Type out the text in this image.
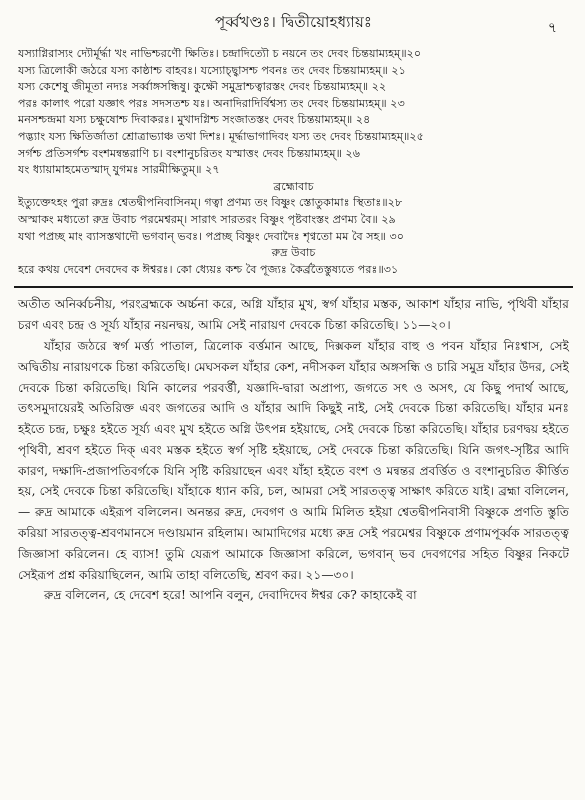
পূর্ব্বখণ্ডঃ। দ্বিতীয়োহধ্যায়ঃ	৭
যস্যাগ্নিরাস্যং দ্যৌর্মূর্দ্ধা খং নাভিশ্চরণৌ ক্ষিতিঃ। চন্দ্রাদিত্যৌ চ নয়নে তং দেবং চিন্তয়াম্যহম্॥২০
যস্য ত্রিলোকী জঠরে যস্য কাষ্ঠাশ্চ বাহবঃ। যস্যোচ্ছ্বাসশ্চ পবনঃ তং দেবং চিন্তয়াম্যহম্॥ ২১
যস্য কেশেষু জীমূতা নদ্যঃ সর্ব্বাঙ্গসন্ধিষু। কুক্ষৌ সমুদ্রাশ্চত্বারস্তং দেবং চিন্তয়াম্যহম্॥ ২২
পরঃ কালাৎ পরো যজ্ঞাৎ পরঃ সদসতশ্চ যঃ। অনাদিরাদির্বিশ্বস্য তং দেবং চিন্তয়াম্যহম্॥ ২৩
মনসশ্চন্দ্রমা যস্য চক্ষুষোশ্চ দিবাকরঃ। মুখাদগ্নিশ্চ সংজাতস্তং দেবং চিন্তয়াম্যহম্॥ ২৪
পদ্ভ্যাং যস্য ক্ষিতির্জাতা শ্রোত্রাভ্যাঞ্চ তথা দিশঃ। মূর্দ্ধাভাগাদিবং যস্য তং দেবং চিন্তয়াম্যহম্॥২৫
সর্গশ্চ প্রতিসর্গশ্চ বংশমন্বন্তরাণি চ। বংশানুচরিতং যস্মাত্তং দেবং চিন্তয়াম্যহম্॥ ২৬
যং ধ্যায়ামাহমেতস্মাদ্ যুগমঃ সারমীক্ষিতুম্॥ ২৭
ব্রহ্মোবাচ
ইত্যুক্তেঽহং পুরা রুদ্রঃ শ্বেতদ্বীপনিবাসিনম্। গত্বা প্রণম্য তং বিষ্ণুং স্তোতুকামাঃ স্থিতাঃ॥২৮
অস্মাকং মধ্যতো রুদ্র উবাচ পরমেশ্বরম্। সারাৎ সারতরং বিষ্ণুং পৃষ্টবাংস্তং প্রণম্য বৈ॥ ২৯
যথা পপ্রচ্ছ মাং ব্যাসস্তথাদৌ ভগবান্ ভবঃ। পপ্রচ্ছ বিষ্ণুং দেবাদৈঃ শৃণ্বতো মম বৈ সহ॥ ৩০
রুদ্র উবাচ
হরে কথয় দেবেশ দেবদেব ক ঈশ্বরঃ। কো ধ্যেয়ঃ কশ্চ বৈ পূজ্যঃ কৈর্ব্রতৈস্তুষ্যতে পরঃ॥৩১

অতীত অনির্ব্বচনীয়, পরংব্রহ্মকে অর্চ্চনা করে, অগ্নি যাঁহার মুখ, স্বর্গ যাঁহার মস্তক, আকাশ যাঁহার নাভি, পৃথিবী যাঁহার চরণ এবং চন্দ্র ও সূর্য্য যাঁহার নয়নদ্বয়, আমি সেই নারায়ণ দেবকে চিন্তা করিতেছি। ১১—২০।

যাঁহার জঠরে স্বর্গ মর্ত্ত্য পাতাল, ত্রিলোক বর্ত্তমান আছে, দিক্সকল যাঁহার বাহু ও পবন যাঁহার নিঃশ্বাস, সেই অদ্বিতীয় নারায়ণকে চিন্তা করিতেছি। মেঘসকল যাঁহার কেশ, নদীসকল যাঁহার অঙ্গসন্ধি ও চারি সমুদ্র যাঁহার উদর, সেই দেবকে চিন্তা করিতেছি। যিনি কালের পরবর্ত্তী, যজ্ঞাদি-দ্বারা অপ্রাপ্য, জগতে সৎ ও অসৎ, যে কিছু পদার্থ আছে, তৎসমুদায়েরই অতিরিক্ত এবং জগতের আদি ও যাঁহার আদি কিছুই নাই, সেই দেবকে চিন্তা করিতেছি। যাঁহার মনঃ হইতে চন্দ্র, চক্ষুঃ হইতে সূর্য্য এবং মুখ হইতে অগ্নি উৎপন্ন হইয়াছে, সেই দেবকে চিন্তা করিতেছি। যাঁহার চরণদ্বয় হইতে পৃথিবী, শ্রবণ হইতে দিক্ এবং মস্তক হইতে স্বর্গ সৃষ্টি হইয়াছে, সেই দেবকে চিন্তা করিতেছি। যিনি জগৎ-সৃষ্টির আদি কারণ, দক্ষাদি-প্রজাপতিবর্গকে যিনি সৃষ্টি করিয়াছেন এবং যাঁহা হইতে বংশ ও মন্বন্তর প্রবর্ত্তিত ও বংশানুচরিত কীর্ত্তিত হয়, সেই দেবকে চিন্তা করিতেছি। যাঁহাকে ধ্যান করি, চল, আমরা সেই সারতত্ত্ব সাক্ষাৎ করিতে যাই। ব্রহ্মা বলিলেন,— রুদ্র আমাকে এইরূপ বলিলেন। অনন্তর রুদ্র, দেবগণ ও আমি মিলিত হইয়া শ্বেতদ্বীপনিবাসী বিষ্ণুকে প্রণতি স্তুতি করিয়া সারতত্ত্ব-শ্রবণমানসে দণ্ডায়মান রহিলাম। আমাদিগের মধ্যে রুদ্র সেই পরমেশ্বর বিষ্ণুকে প্রণামপূর্ব্বক সারতত্ত্ব জিজ্ঞাসা করিলেন। হে ব্যাস! তুমি যেরূপ আমাকে জিজ্ঞাসা করিলে, ভগবান্ ভব দেবগণের সহিত বিষ্ণুর নিকটে সেইরূপ প্রশ্ন করিয়াছিলেন, আমি তাহা বলিতেছি, শ্রবণ কর। ২১—৩০।

রুদ্র বলিলেন, হে দেবেশ হরে! আপনি বলুন, দেবাদিদেব ঈশ্বর কে? কাহাকেই বা
